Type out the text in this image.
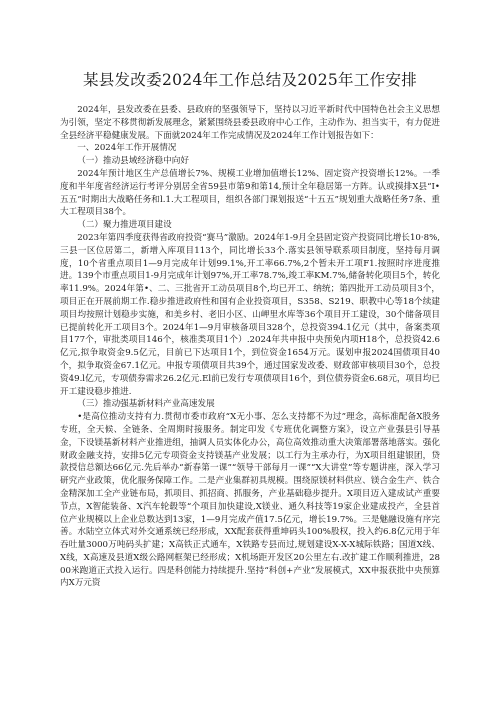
某县发改委2024年工作总结及2025年工作安排

2024年，县发改委在县委、县政府的坚强领导下，坚持以习近平新时代中国特色社会主义思想为引领，坚定不移贯彻新发展理念，紧紧围绕县委县政府中心工作，主动作为、担当实干，有力促进全县经济平稳健康发展。下面就2024年工作完成情况及2024年工作计划报告如下：

一、2024年工作开展情况

（一）推动县域经济稳中向好

2024年预计地区生产总值增长7%、规模工业增加值增长12%、固定资产投资增长12%。一季度和半年度省经济运行考评分别居全省59县市第9和第14,预计全年稳居第一方阵。认或摸排X县“I•五五”时期出大战略任务和l.1.大工程项目，组织各部门课划报送“十五五”规划重大战略任务7条、重大工程项目38个。

（二）聚力推进项目建设

2023年第四季度获得省政府投资“赛马”激励。2024年1-9月全县固定资产投资同比增长10·8%,三县一区位居第二，新增入库项目113个，同比增长33个.落实县领导联系项目制度，坚持每月调度，10个省重点项目1—9月完成年计划99.1%,开工率66.7%,2个暂未开工项F1.按照时序进度推进。139个市重点项目1-9月完成年计划97%,开工率78.7%,竣工率KM.7%,储备转化项目5个，转化率11.9%。2024年第•、二、三批省开工动员项目8个,均已开工、纳统；第四批开工动员项目3个，项目正在开展前期工作.稳步推进政府性和国有企业投资项目，S358、S219、职教中心等18个续建项目均按照计划稳步实施，和美乡村、老旧小区、山岬里水库等36个项目开工建设，30个储备项目已提前转化开工项目3个。2024年1—9月审核备项目328个，总投资394.1亿元（其中，备案类项目177个，审批类项目146个，核准类项目1个）.2024年共申报中央预免内项H18个，总投资42.6亿元,拟争取资金9.5亿元，目前已下达项目1个，到位资金1654万元。谋划申报2024国债项目40个，拟争取资金67.1亿元。申报专项债项目共39个，通过国家发改委、财政部审核项目30个，总投资49.l亿元，专项债券需求26.2亿元.El前已发行专项债项目16个，到位债券资金6.68元，项目均已开工建设稳步推进.

（三）推动强基新材料产业高速发展

•是高位推动支持有力.贯彻市委市政府“X无小事、怎么支持都不为过”理念，高标准配备X股务专班，全天候、全链条、全周期时接服务。制定印发《专班优化调整方案》，设立产业强县引导基金，下设镁基新材料产业推进组，抽调人员实体化办公，高位高效推动重大决策部署落地落实。强化财政金融支持，安排5亿元专项资金支持镁基产业发展；以工行为主承办行，为X项目组建银团，贷款授信总额达66亿元.先后举办“新春第一课”“领导干部每月一课”“X大讲堂”等专题讲座，深入学习研究产业政策，优化服务保障工作。二是产业集群初具规模。围绕原镁材料供应、镁合金生产、铁合金精深加工全产业链布局，抓项目、抓招商、抓服务，产业基础稳步提升。X项目迈入建成试产重要节点，X智能装备、X汽车轮毂等“个项目加快建设,X镁业、通久科技等19家企业建成投产，全县首位产业规模以上企业总数达到13家，1—9月完成产值17.5亿元，增长19.7%。三是魅融设施有序完善。水陆空立体式对外交通系统已经形成，XX配套获得重坤码头100%股权，投入约6.8亿元用于年吞吐量3000万吨码头扩建；X高铁正式通车，X铁路专县而过,规划建设X-X-X城际铁路；国道X线、X线，X高速及县道X级公路网框架已经形成；X机场距开发区20公里左右.改扩建工作顺利推进，2800米跑道正式投入运行。四是科创能力持续提升.坚持“科创+产业”发展模式，XX申报获批中央预算内X万元资
